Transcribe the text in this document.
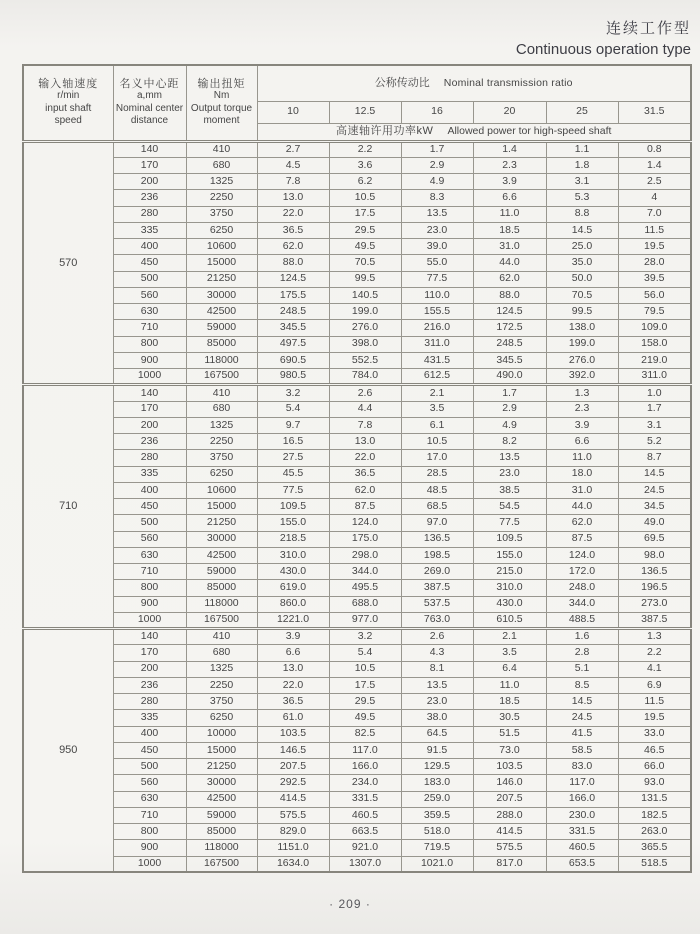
连续工作型
Continuous operation type
输入轴速度
r/min
input shaft
speed

名义中心距
a,mm
Nominal center
distance

输出扭矩
Nm
Output torque
moment
	公称传动比 Nominal transmission ratio
			10	12.5	16	20	25	31.5
			高速轴许用功率kW Allowed power tor high-speed shaft					
570	140	410	2.7	2.2	1.7	1.4	1.1	0.8
	170	680	4.5	3.6	2.9	2.3	1.8	1.4
	200	1325	7.8	6.2	4.9	3.9	3.1	2.5
	236	2250	13.0	10.5	8.3	6.6	5.3	4
	280	3750	22.0	17.5	13.5	11.0	8.8	7.0
	335	6250	36.5	29.5	23.0	18.5	14.5	11.5
	400	10600	62.0	49.5	39.0	31.0	25.0	19.5
	450	15000	88.0	70.5	55.0	44.0	35.0	28.0
	500	21250	124.5	99.5	77.5	62.0	50.0	39.5
	560	30000	175.5	140.5	110.0	88.0	70.5	56.0
	630	42500	248.5	199.0	155.5	124.5	99.5	79.5
	710	59000	345.5	276.0	216.0	172.5	138.0	109.0
	800	85000	497.5	398.0	311.0	248.5	199.0	158.0
	900	118000	690.5	552.5	431.5	345.5	276.0	219.0
	1000	167500	980.5	784.0	612.5	490.0	392.0	311.0
710	140	410	3.2	2.6	2.1	1.7	1.3	1.0
	170	680	5.4	4.4	3.5	2.9	2.3	1.7
	200	1325	9.7	7.8	6.1	4.9	3.9	3.1
	236	2250	16.5	13.0	10.5	8.2	6.6	5.2
	280	3750	27.5	22.0	17.0	13.5	11.0	8.7
	335	6250	45.5	36.5	28.5	23.0	18.0	14.5
	400	10600	77.5	62.0	48.5	38.5	31.0	24.5
	450	15000	109.5	87.5	68.5	54.5	44.0	34.5
	500	21250	155.0	124.0	97.0	77.5	62.0	49.0
	560	30000	218.5	175.0	136.5	109.5	87.5	69.5
	630	42500	310.0	298.0	198.5	155.0	124.0	98.0
	710	59000	430.0	344.0	269.0	215.0	172.0	136.5
	800	85000	619.0	495.5	387.5	310.0	248.0	196.5
	900	118000	860.0	688.0	537.5	430.0	344.0	273.0
	1000	167500	1221.0	977.0	763.0	610.5	488.5	387.5
950	140	410	3.9	3.2	2.6	2.1	1.6	1.3
	170	680	6.6	5.4	4.3	3.5	2.8	2.2
	200	1325	13.0	10.5	8.1	6.4	5.1	4.1
	236	2250	22.0	17.5	13.5	11.0	8.5	6.9
	280	3750	36.5	29.5	23.0	18.5	14.5	11.5
	335	6250	61.0	49.5	38.0	30.5	24.5	19.5
	400	10000	103.5	82.5	64.5	51.5	41.5	33.0
	450	15000	146.5	117.0	91.5	73.0	58.5	46.5
	500	21250	207.5	166.0	129.5	103.5	83.0	66.0
	560	30000	292.5	234.0	183.0	146.0	117.0	93.0
	630	42500	414.5	331.5	259.0	207.5	166.0	131.5
	710	59000	575.5	460.5	359.5	288.0	230.0	182.5
	800	85000	829.0	663.5	518.0	414.5	331.5	263.0
	900	118000	1151.0	921.0	719.5	575.5	460.5	365.5
	1000	167500	1634.0	1307.0	1021.0	817.0	653.5	518.5
· 209 ·
